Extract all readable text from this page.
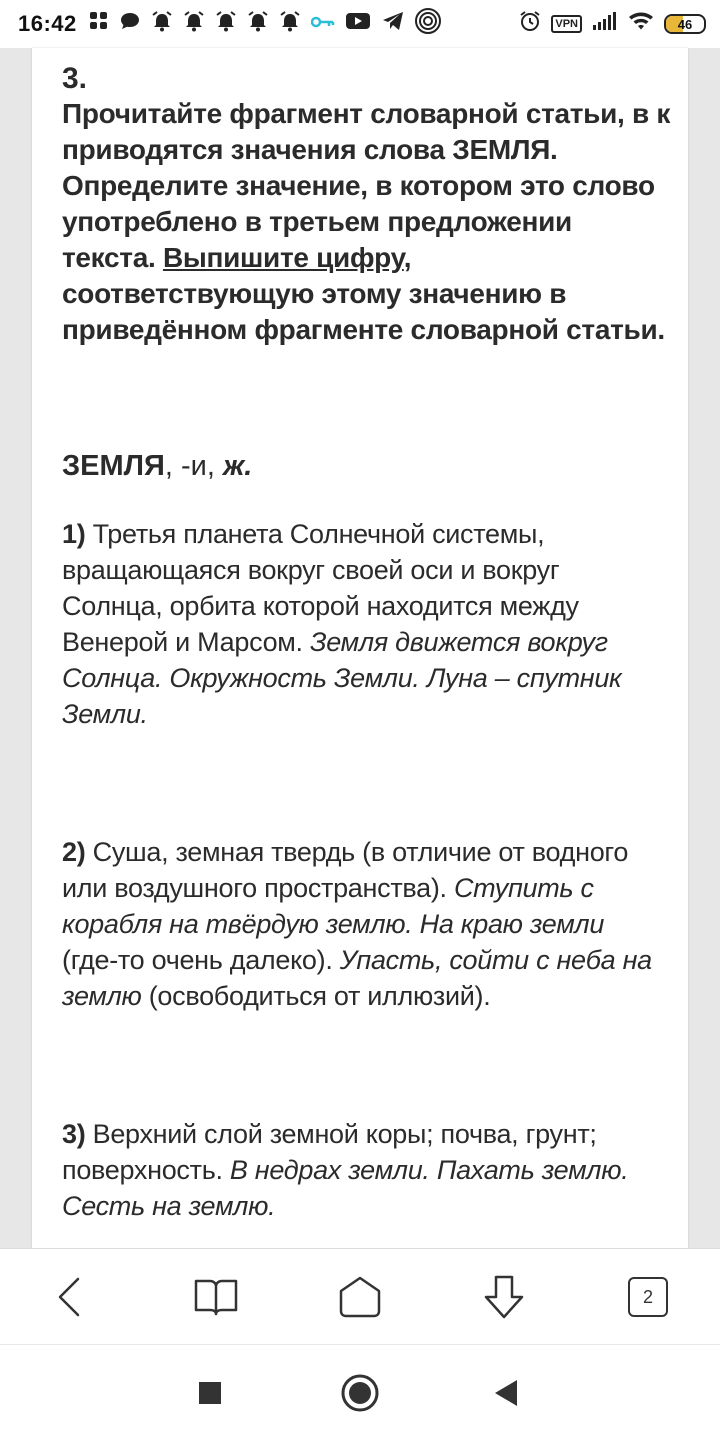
16:42	VPN	46
3.
Прочитайте фрагмент словарной статьи, в к
приводятся значения слова ЗЕМЛЯ.
Определите значение, в котором это слово
употреблено в третьем предложении
текста. Выпишите цифру,
соответствующую этому значению в
приведённом фрагменте словарной статьи.
ЗЕМЛЯ, -и, ж.
1) Третья планета Солнечной системы, вращающаяся вокруг своей оси и вокруг Солнца, орбита которой находится между Венерой и Марсом. Земля движется вокруг Солнца. Окружность Земли. Луна – спутник Земли.
2) Суша, земная твердь (в отличие от водного или воздушного пространства). Ступить с корабля на твёрдую землю. На краю земли (где-то очень далеко). Упасть, сойти с неба на землю (освободиться от иллюзий).
3) Верхний слой земной коры; почва, грунт; поверхность. В недрах земли. Пахать землю. Сесть на землю.
2
